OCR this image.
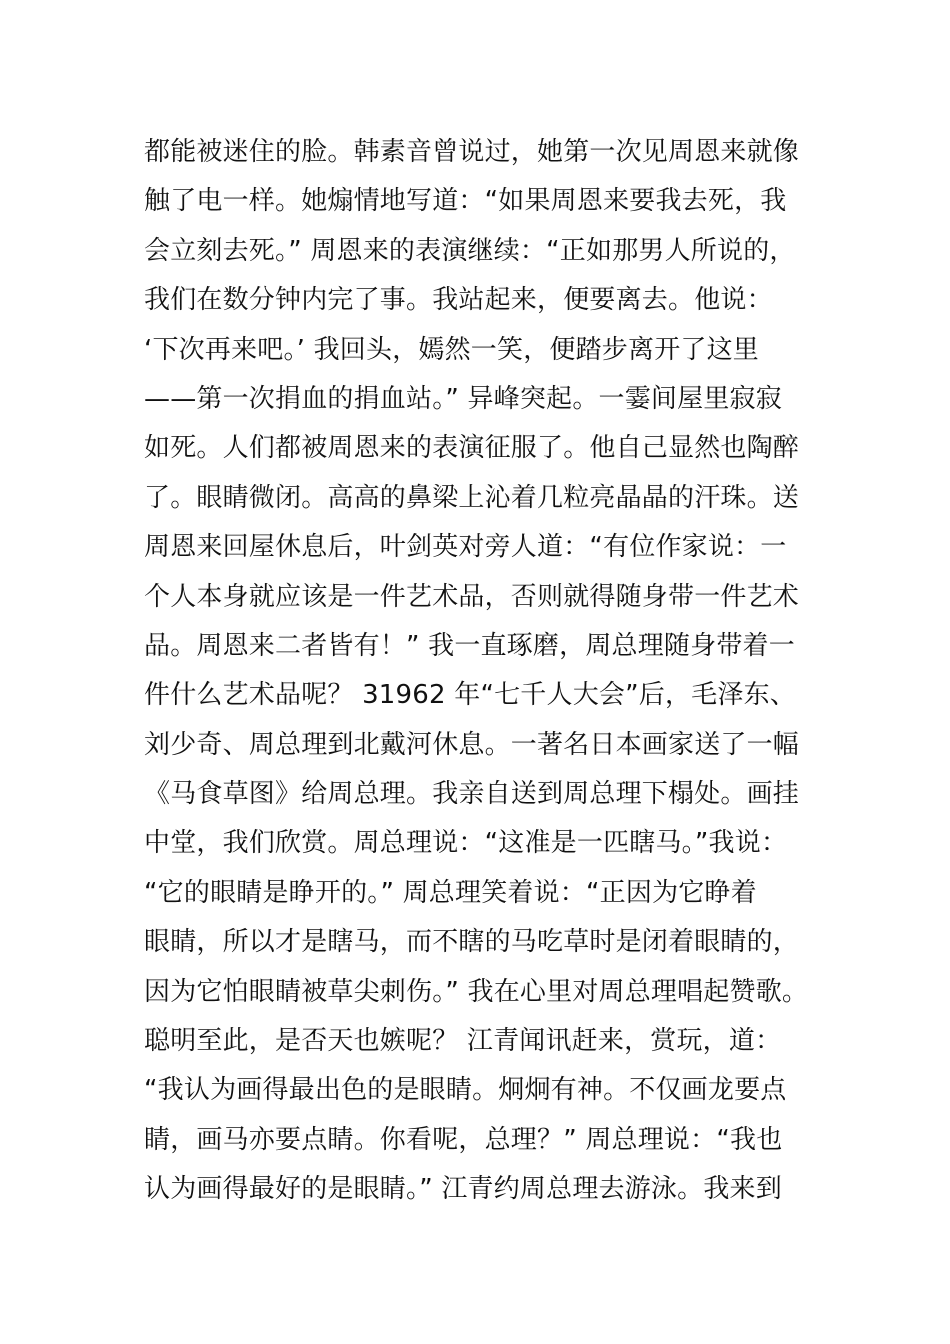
都能被迷住的脸。韩素音曾说过，她第一次见周恩来就像
触了电一样。她煽情地写道：“如果周恩来要我去死，我
会立刻去死。” 周恩来的表演继续：“正如那男人所说的，
我们在数分钟内完了事。我站起来，便要离去。他说：
‘下次再来吧。’ 我回头，嫣然一笑，便踏步离开了这里
——第一次捐血的捐血站。” 异峰突起。一霎间屋里寂寂
如死。人们都被周恩来的表演征服了。他自己显然也陶醉
了。眼睛微闭。高高的鼻梁上沁着几粒亮晶晶的汗珠。送
周恩来回屋休息后，叶剑英对旁人道：“有位作家说：一
个人本身就应该是一件艺术品，否则就得随身带一件艺术
品。周恩来二者皆有！” 我一直琢磨，周总理随身带着一
件什么艺术品呢？ 31962 年“七千人大会”后，毛泽东、
刘少奇、周总理到北戴河休息。一著名日本画家送了一幅
《马食草图》给周总理。我亲自送到周总理下榻处。画挂
中堂，我们欣赏。周总理说：“这准是一匹瞎马。”我说：
“它的眼睛是睁开的。” 周总理笑着说：“正因为它睁着
眼睛，所以才是瞎马，而不瞎的马吃草时是闭着眼睛的，
因为它怕眼睛被草尖刺伤。” 我在心里对周总理唱起赞歌。
聪明至此，是否天也嫉呢？ 江青闻讯赶来，赏玩，道：
“我认为画得最出色的是眼睛。炯炯有神。不仅画龙要点
睛，画马亦要点睛。你看呢，总理？” 周总理说：“我也
认为画得最好的是眼睛。” 江青约周总理去游泳。我来到
